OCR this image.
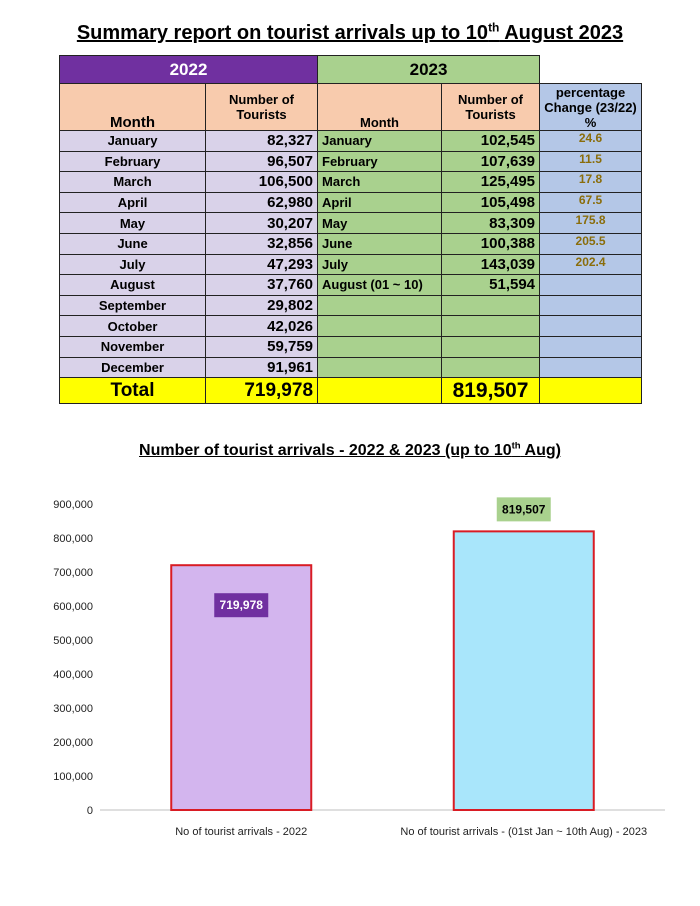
Summary report on tourist arrivals up to 10th August 2023
2022		2023		
Month	Number of Tourists	Month	Number of Tourists	percentage Change (23/22) %
January	82,327	January	102,545	24.6
February	96,507	February	107,639	11.5
March	106,500	March	125,495	17.8
April	62,980	April	105,498	67.5
May	30,207	May	83,309	175.8
June	32,856	June	100,388	205.5
July	47,293	July	143,039	202.4
August	37,760	August (01 ~ 10)	51,594	
September	29,802			
October	42,026			
November	59,759			
December	91,961			
Total	719,978		819,507	
Number of tourist arrivals - 2022 & 2023 (up to 10th Aug)
0
100,000
200,000
300,000
400,000
500,000
600,000
700,000
800,000
900,000
No of tourist arrivals - 2022
719,978
No of tourist arrivals - (01st Jan ~ 10th Aug) - 2023
819,507
